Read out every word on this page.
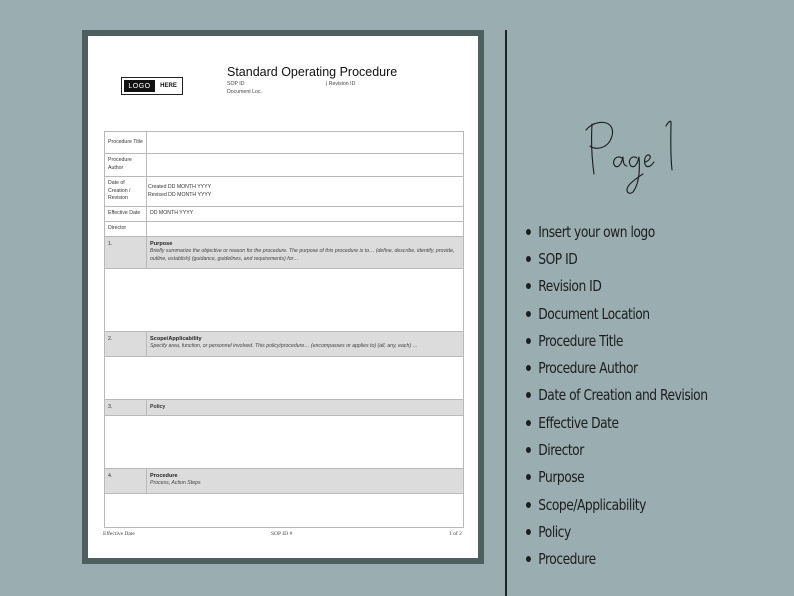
LOGO	HERE
Standard Operating Procedure
SOP ID	| Revision ID
Document Loc.
Procedure Title	
Procedure Author	
Date of Creation / Revision	Created DD MONTH YYYY
Revised DD MONTH YYYY

Effective Date	DD MONTH YYYY
Director	
1.	Purpose
Briefly summarize the objective or reason for the procedure. The purpose of this procedure is to… (define, describe, identify, provide, outline, establish) (guidance, guidelines, and requirements) for…

2.	Scope/Applicability
Specify area, function, or personnel involved. This policy/procedure… (encompasses or applies to) (all, any, each) …

3.	Policy

4.	Procedure
Process, Action Steps

Effective Date	SOP ID #	1 of 2
Insert your own logo
SOP ID
Revision ID
Document Location
Procedure Title
Procedure Author
Date of Creation and Revision
Effective Date
Director
Purpose
Scope/Applicability
Policy
Procedure
